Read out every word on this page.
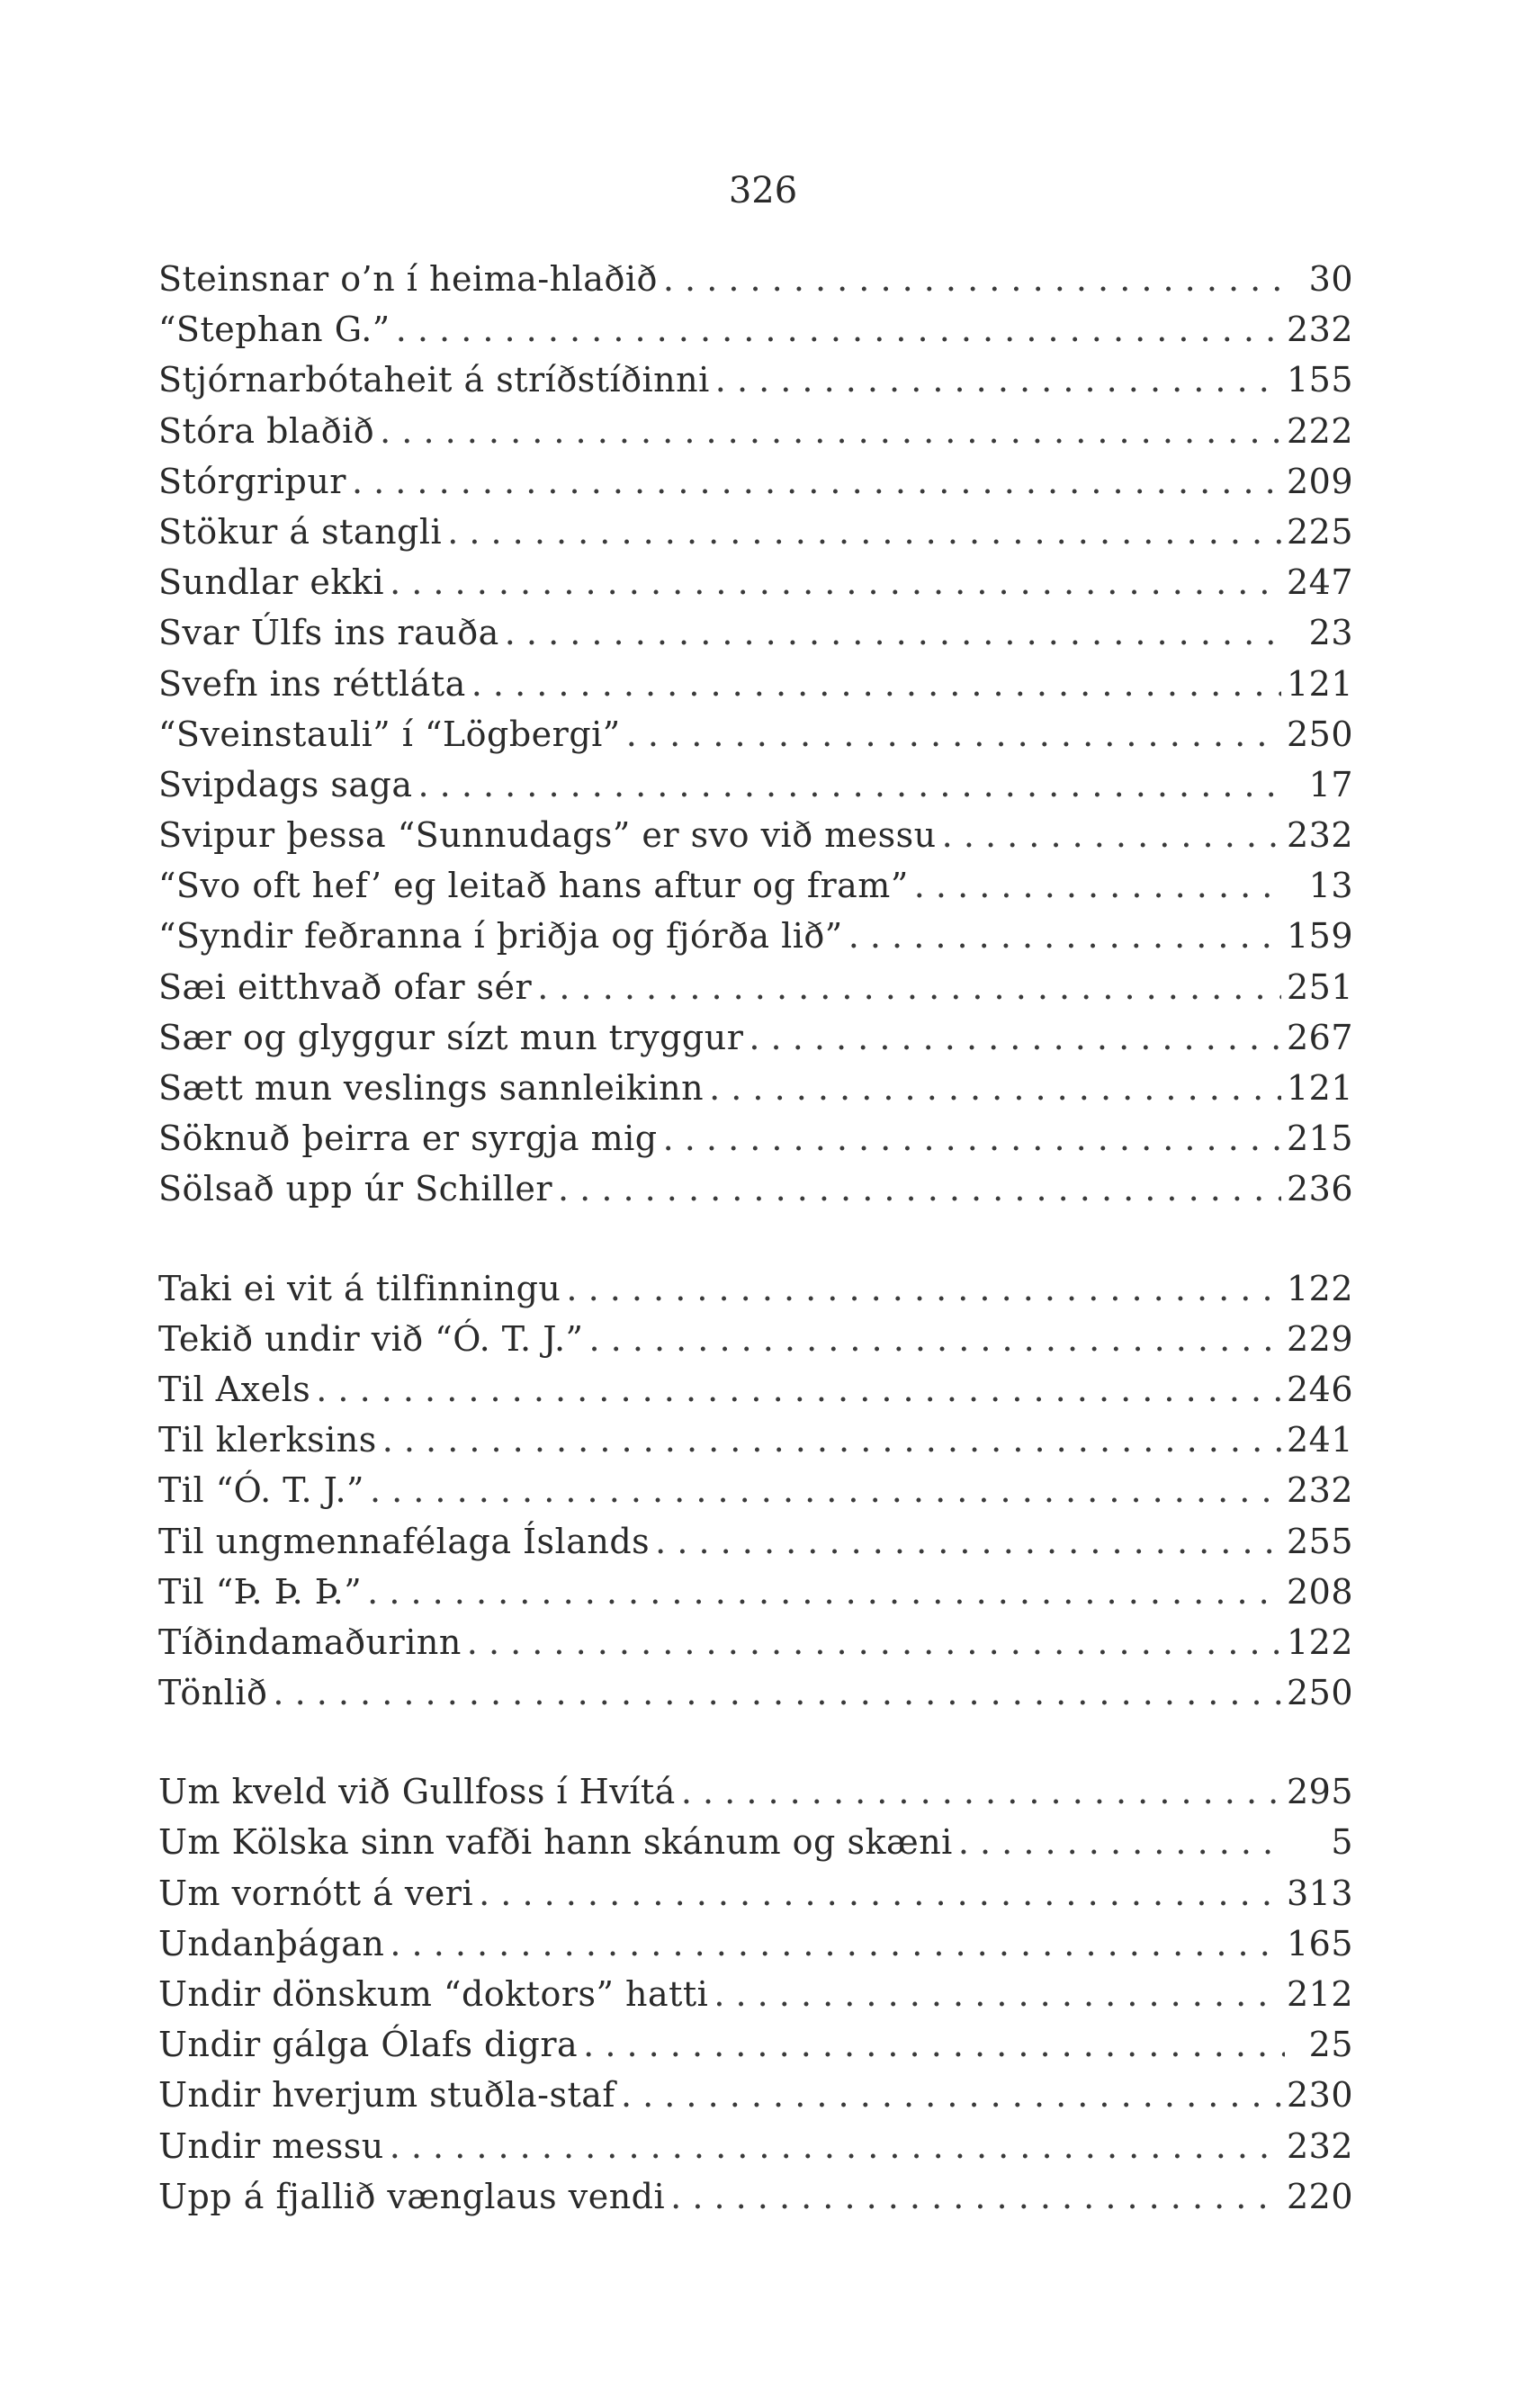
326
Steinsnar o’n í heima-hlaðið . . .	30
“Stephan G.” . . .	232
Stjórnarbótaheit á stríðstíðinni . . .	155
Stóra blaðið . . .	222
Stórgripur . . .	209
Stökur á stangli . . .	225
Sundlar ekki . . .	247
Svar Úlfs ins rauða . . .	23
Svefn ins réttláta . . .	121
“Sveinstauli” í “Lögbergi” . . .	250
Svipdags saga . . .	17
Svipur þessa “Sunnudags” er svo við messu . . .	232
“Svo oft hef’ eg leitað hans aftur og fram” . . .	13
“Syndir feðranna í þriðja og fjórða lið” . . .	159
Sæi eitthvað ofar sér . . .	251
Sær og glyggur sízt mun tryggur . . .	267
Sætt mun veslings sannleikinn . . .	121
Söknuð þeirra er syrgja mig . . .	215
Sölsað upp úr Schiller . . .	236
Taki ei vit á tilfinningu . . .	122
Tekið undir við “Ó. T. J.” . . .	229
Til Axels . . .	246
Til klerksins . . .	241
Til “Ó. T. J.” . . .	232
Til ungmennafélaga Íslands . . .	255
Til “Þ. Þ. Þ.” . . .	208
Tíðindamaðurinn . . .	122
Tönlið . . .	250
Um kveld við Gullfoss í Hvítá . . .	295
Um Kölska sinn vafði hann skánum og skæni . . .	5
Um vornótt á veri . . .	313
Undanþágan . . .	165
Undir dönskum “doktors” hatti . . .	212
Undir gálga Ólafs digra . . .	25
Undir hverjum stuðla-staf . . .	230
Undir messu . . .	232
Upp á fjallið vænglaus vendi . . .	220
